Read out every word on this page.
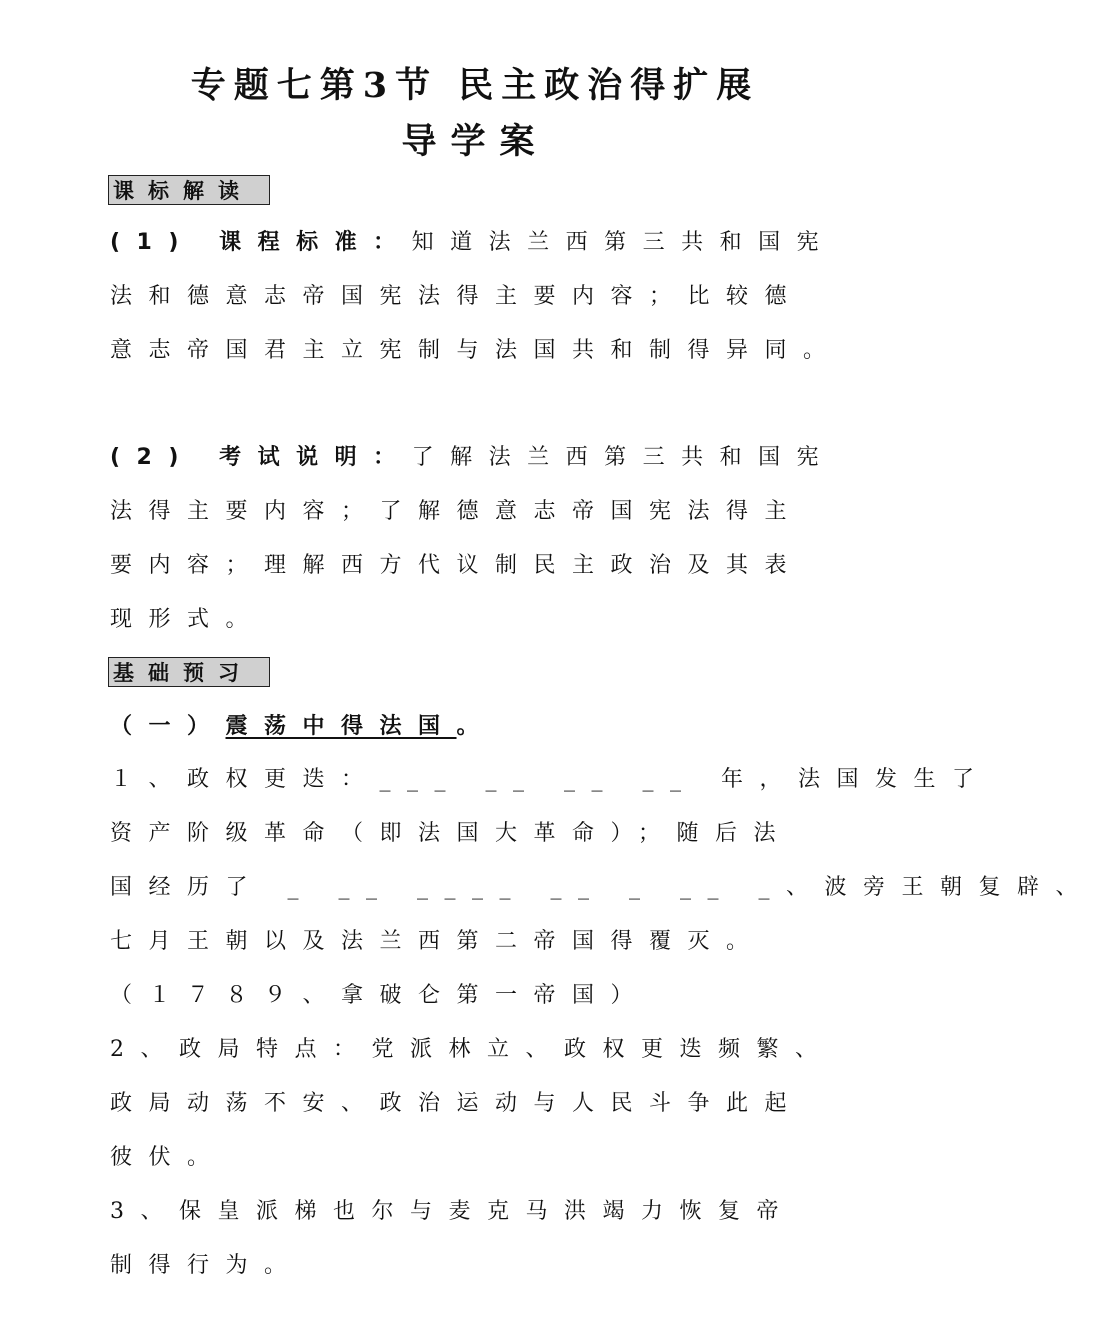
专题七第3节 民主政治得扩展
导学案
课标解读
(1) 课程标准：知道法兰西第三共和国宪
法和德意志帝国宪法得主要内容；比较德
意志帝国君主立宪制与法国共和制得异同。
(2) 考试说明：了解法兰西第三共和国宪
法得主要内容；了解德意志帝国宪法得主
要内容；理解西方代议制民主政治及其表
现形式。
基础预习
（一）震荡中得法国。
１、政权更迭：___ __ __ __ 年，法国发生了
资产阶级革命（即法国大革命）；随后法
国经历了 _ __ ____ __ _ __ _、波旁王朝复辟、
七月王朝以及法兰西第二帝国得覆灭。
（１７８９、拿破仑第一帝国）
2、政局特点：党派林立、政权更迭频繁、
政局动荡不安、政治运动与人民斗争此起
彼伏。
3、保皇派梯也尔与麦克马洪竭力恢复帝
制得行为。
